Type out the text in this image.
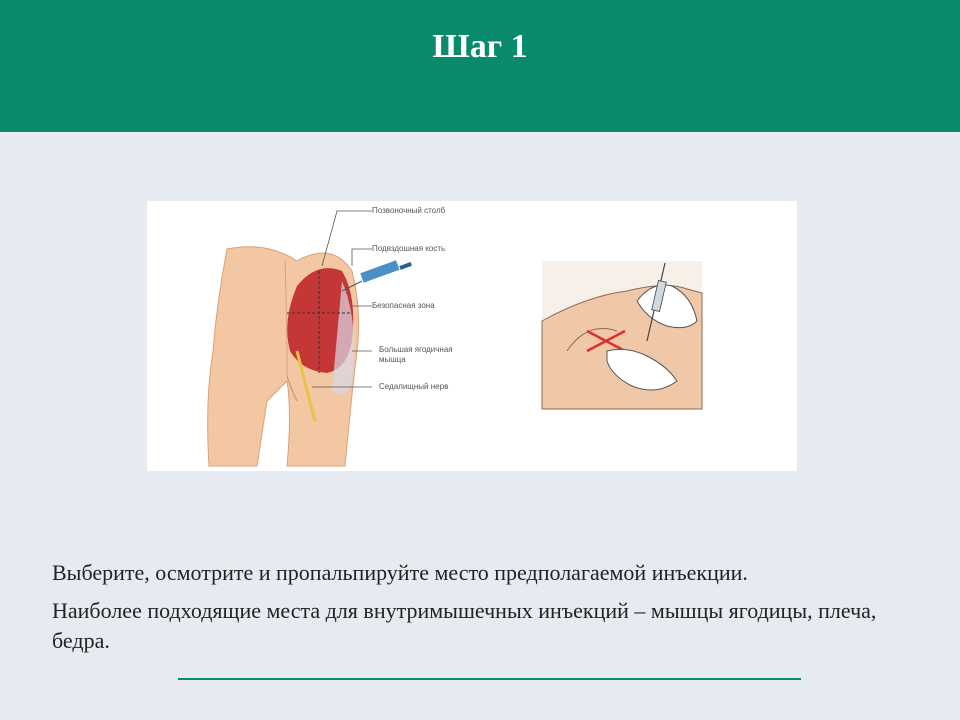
Шаг 1
Позвоночный столб
Подвздошная кость
Безопасная зона
Большая ягодичная
мышца
Седалищный нерв
Выберите, осмотрите и пропальпируйте место предполагаемой инъекции.
Наиболее подходящие места для внутримышечных инъекций – мышцы ягодицы, плеча, бедра.
